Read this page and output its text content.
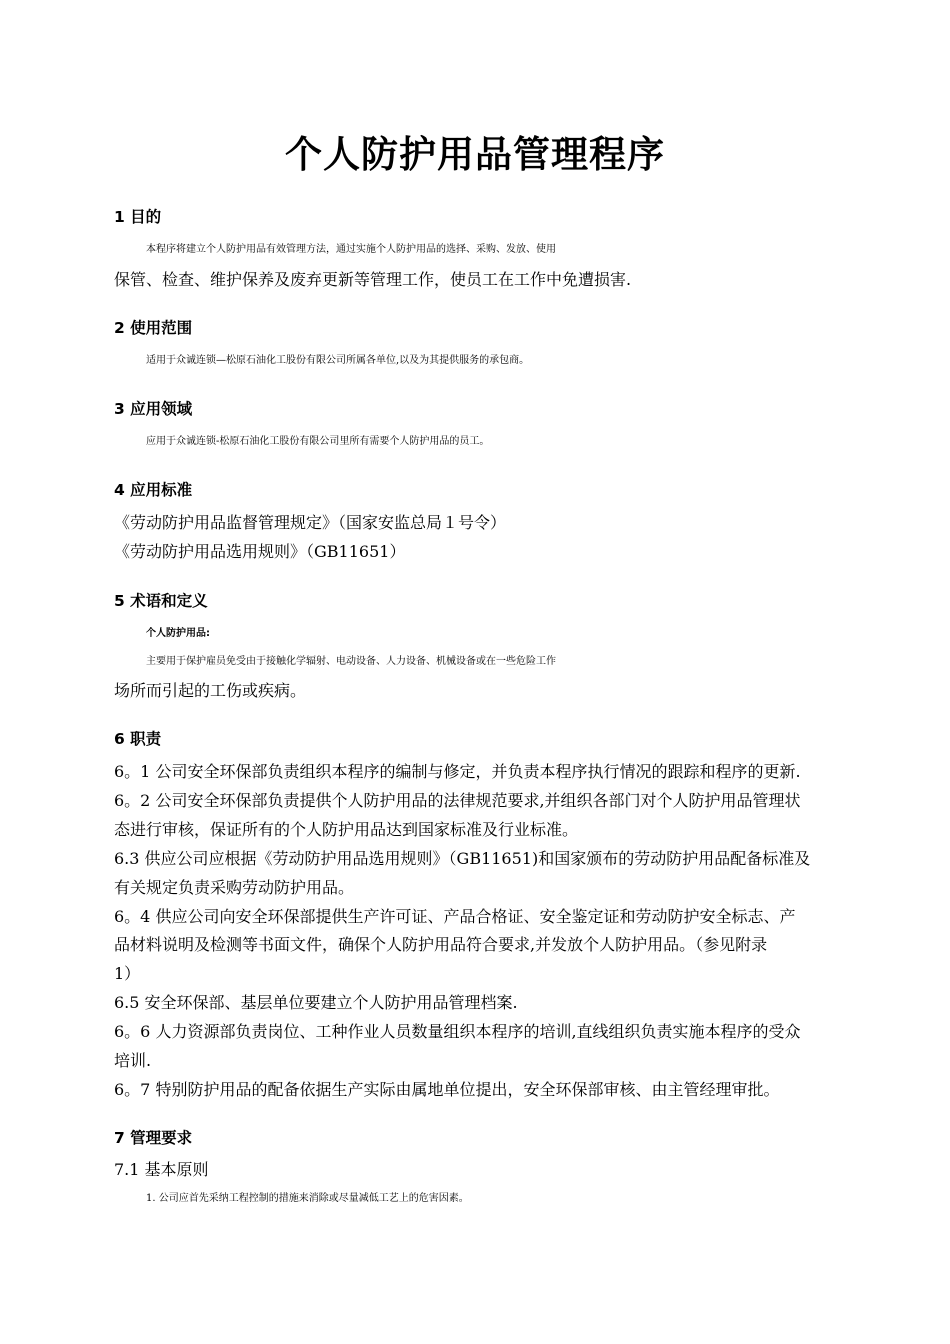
个人防护用品管理程序
1 目的
本程序将建立个人防护用品有效管理方法，通过实施个人防护用品的选择、采购、发放、使用
保管、检查、维护保养及废弃更新等管理工作，使员工在工作中免遭损害.
2 使用范围
适用于众诚连锁—松原石油化工股份有限公司所属各单位,以及为其提供服务的承包商。
3 应用领域
应用于众诚连锁-松原石油化工股份有限公司里所有需要个人防护用品的员工。
4 应用标准
《劳动防护用品监督管理规定》（国家安监总局１号令）
《劳动防护用品选用规则》（GB11651）
5 术语和定义
个人防护用品:
主要用于保护雇员免受由于接触化学辐射、电动设备、人力设备、机械设备或在一些危险工作
场所而引起的工伤或疾病。
6 职责
6。1 公司安全环保部负责组织本程序的编制与修定，并负责本程序执行情况的跟踪和程序的更新.
6。2 公司安全环保部负责提供个人防护用品的法律规范要求,并组织各部门对个人防护用品管理状
态进行审核，保证所有的个人防护用品达到国家标准及行业标准。
6.3 供应公司应根据《劳动防护用品选用规则》（GB11651)和国家颁布的劳动防护用品配备标准及
有关规定负责采购劳动防护用品。
6。4 供应公司向安全环保部提供生产许可证、产品合格证、安全鉴定证和劳动防护安全标志、产
品材料说明及检测等书面文件，确保个人防护用品符合要求,并发放个人防护用品。（参见附录
1）
6.5 安全环保部、基层单位要建立个人防护用品管理档案.
6。6 人力资源部负责岗位、工种作业人员数量组织本程序的培训,直线组织负责实施本程序的受众
培训.
6。7 特别防护用品的配备依据生产实际由属地单位提出，安全环保部审核、由主管经理审批。
7 管理要求
7.1 基本原则
1. 公司应首先采纳工程控制的措施来消除或尽量减低工艺上的危害因素。
